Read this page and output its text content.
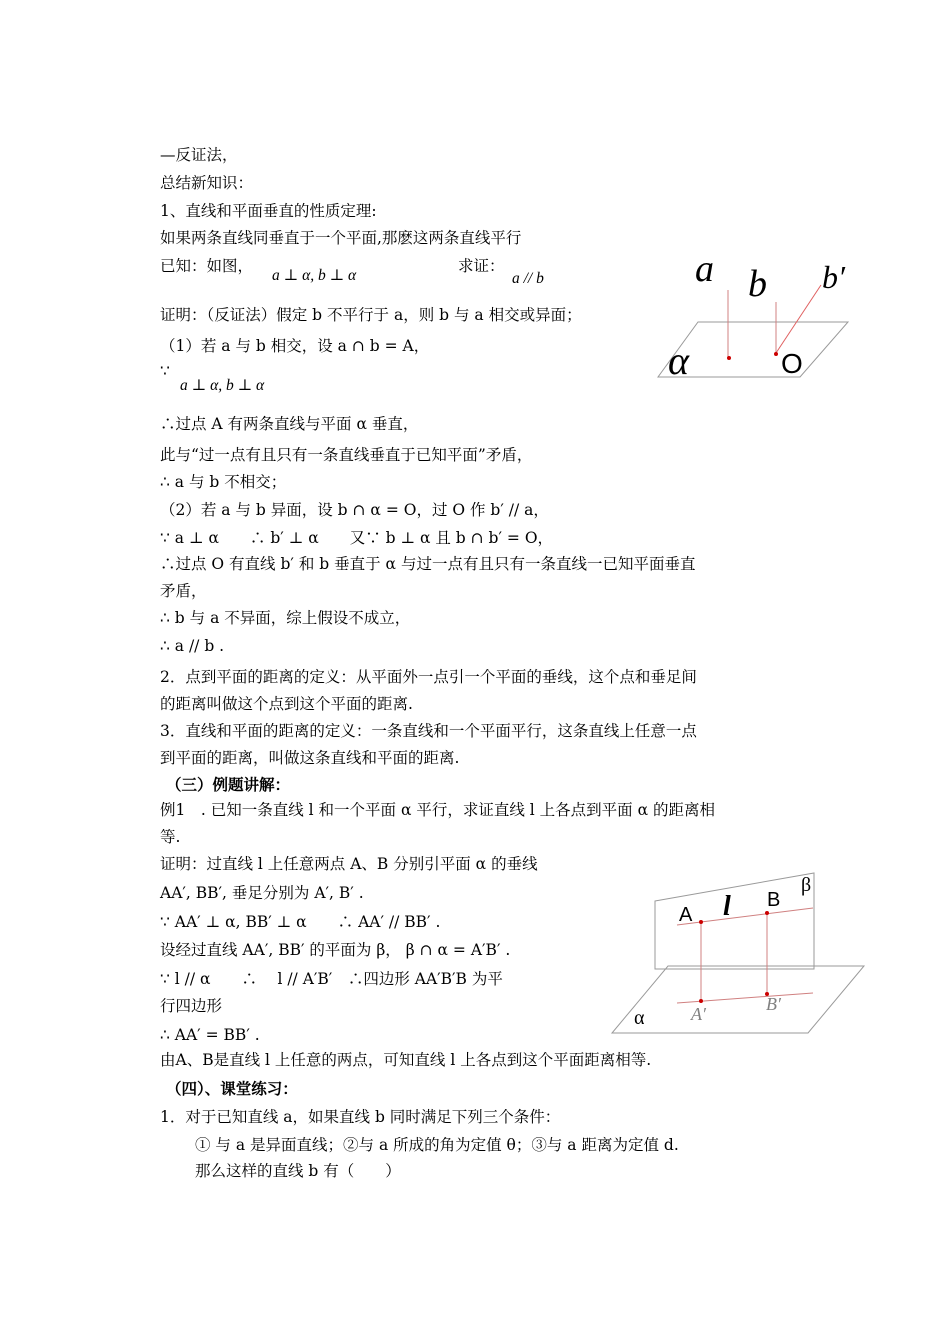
—反证法，
总结新知识：
1、直线和平面垂直的性质定理:
如果两条直线同垂直于一个平面,那麽这两条直线平行
已知：如图，
a ⊥ α, b ⊥ α
求证：
a // b
证明：（反证法）假定 b 不平行于 a，则 b 与 a 相交或异面；
（1）若 a 与 b 相交，设 a ∩ b = A，
∵
a ⊥ α, b ⊥ α
∴过点 A 有两条直线与平面 α 垂直，
此与“过一点有且只有一条直线垂直于已知平面”矛盾，
∴ a 与 b 不相交；
（2）若 a 与 b 异面，设 b ∩ α = O，过 O 作 b′ // a，
∵ a ⊥ α　　∴ b′ ⊥ α　　又∵ b ⊥ α 且 b ∩ b′ = O，
∴过点 O 有直线 b′ 和 b 垂直于 α 与过一点有且只有一条直线一已知平面垂直
矛盾，
∴ b 与 a 不异面，综上假设不成立，
∴ a // b .
2．点到平面的距离的定义：从平面外一点引一个平面的垂线，这个点和垂足间
的距离叫做这个点到这个平面的距离.
3．直线和平面的距离的定义：一条直线和一个平面平行，这条直线上任意一点
到平面的距离，叫做这条直线和平面的距离.
（三）例题讲解：
例1　. 已知一条直线 l 和一个平面 α 平行，求证直线 l 上各点到平面 α 的距离相
等.
证明：过直线 l 上任意两点 A、B 分别引平面 α 的垂线
AA′, BB′, 垂足分别为 A′, B′ .
∵ AA′ ⊥ α, BB′ ⊥ α　　∴ AA′ // BB′ .
设经过直线 AA′, BB′ 的平面为 β， β ∩ α = A′B′ .
∵ l // α　　∴　 l // A′B′　∴四边形 AA′B′B 为平
行四边形
∴ AA′ = BB′ .
由A、B是直线 l 上任意的两点，可知直线 l 上各点到这个平面距离相等.
（四）、课堂练习：
1．对于已知直线 a，如果直线 b 同时满足下列三个条件：
① 与 a 是异面直线；②与 a 所成的角为定值 θ；③与 a 距离为定值 d.
那么这样的直线 b 有（　　）
a b b′
α	O
A l B
β
α	A′	B′
